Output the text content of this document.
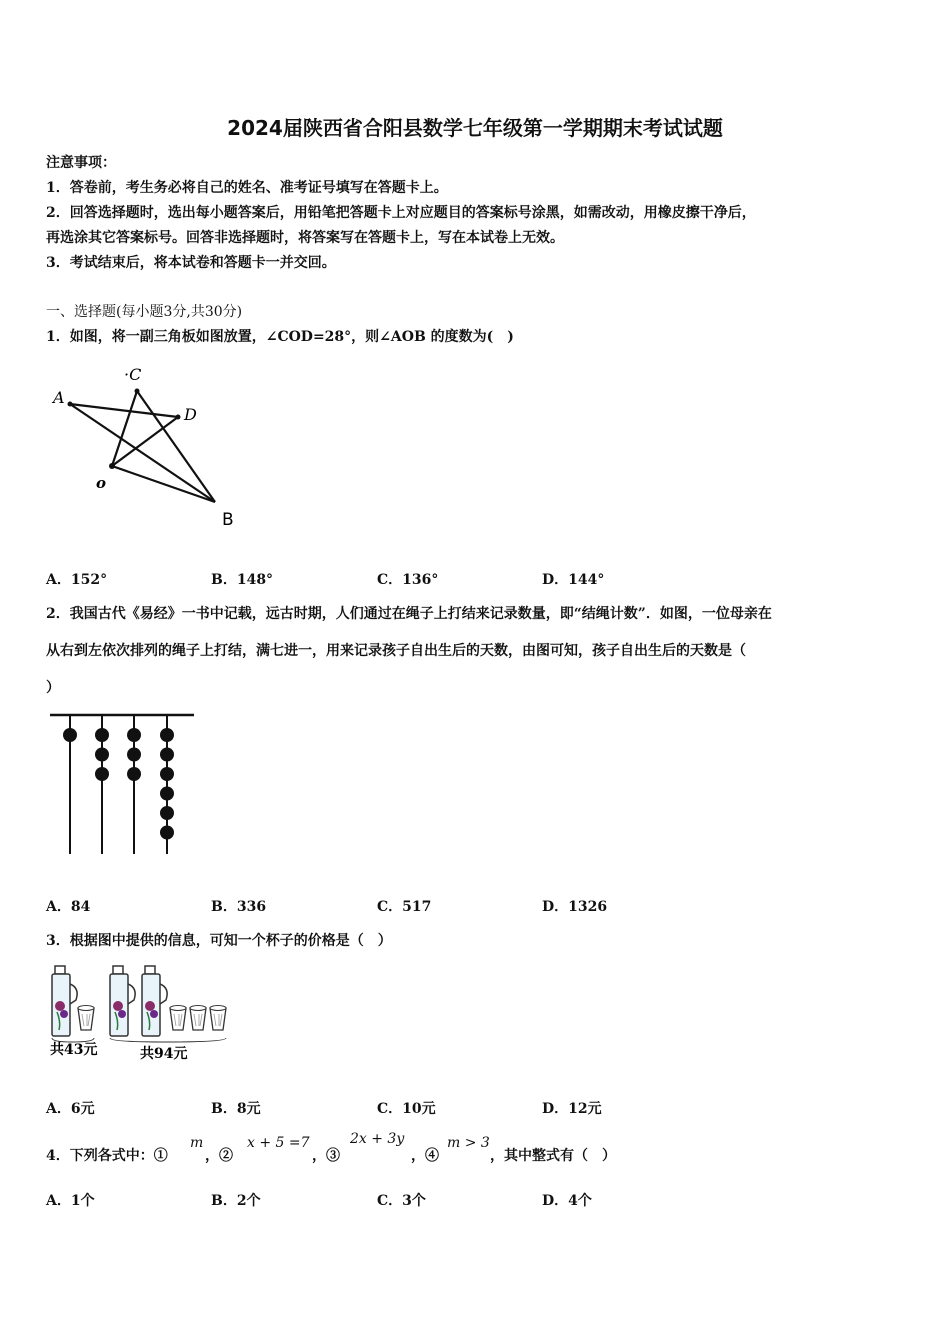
2024届陕西省合阳县数学七年级第一学期期末考试试题
注意事项：
1．答卷前，考生务必将自己的姓名、准考证号填写在答题卡上。
2．回答选择题时，选出每小题答案后，用铅笔把答题卡上对应题目的答案标号涂黑，如需改动，用橡皮擦干净后，
再选涂其它答案标号。回答非选择题时，将答案写在答题卡上，写在本试卷上无效。
3．考试结束后，将本试卷和答题卡一并交回。
一、选择题(每小题3分,共30分)
1．如图，将一副三角板如图放置，∠COD=28°，则∠AOB 的度数为(　)
A
·C
D
o
B
A．152°	B．148°	C．136°	D．144°
2．我国古代《易经》一书中记载，远古时期，人们通过在绳子上打结来记录数量，即“结绳计数”．如图，一位母亲在
从右到左依次排列的绳子上打结，满七进一，用来记录孩子自出生后的天数，由图可知，孩子自出生后的天数是（
）
A．84	B．336	C．517	D．1326
3．根据图中提供的信息，可知一个杯子的价格是（　）
共43元	共94元
A．6元	B．8元	C．10元	D．12元
4．下列各式中：①
m
，②
x + 5 =7
，③
2x + 3y
，④
m > 3
，其中整式有（　）
A．1个	B．2个	C．3个	D．4个
